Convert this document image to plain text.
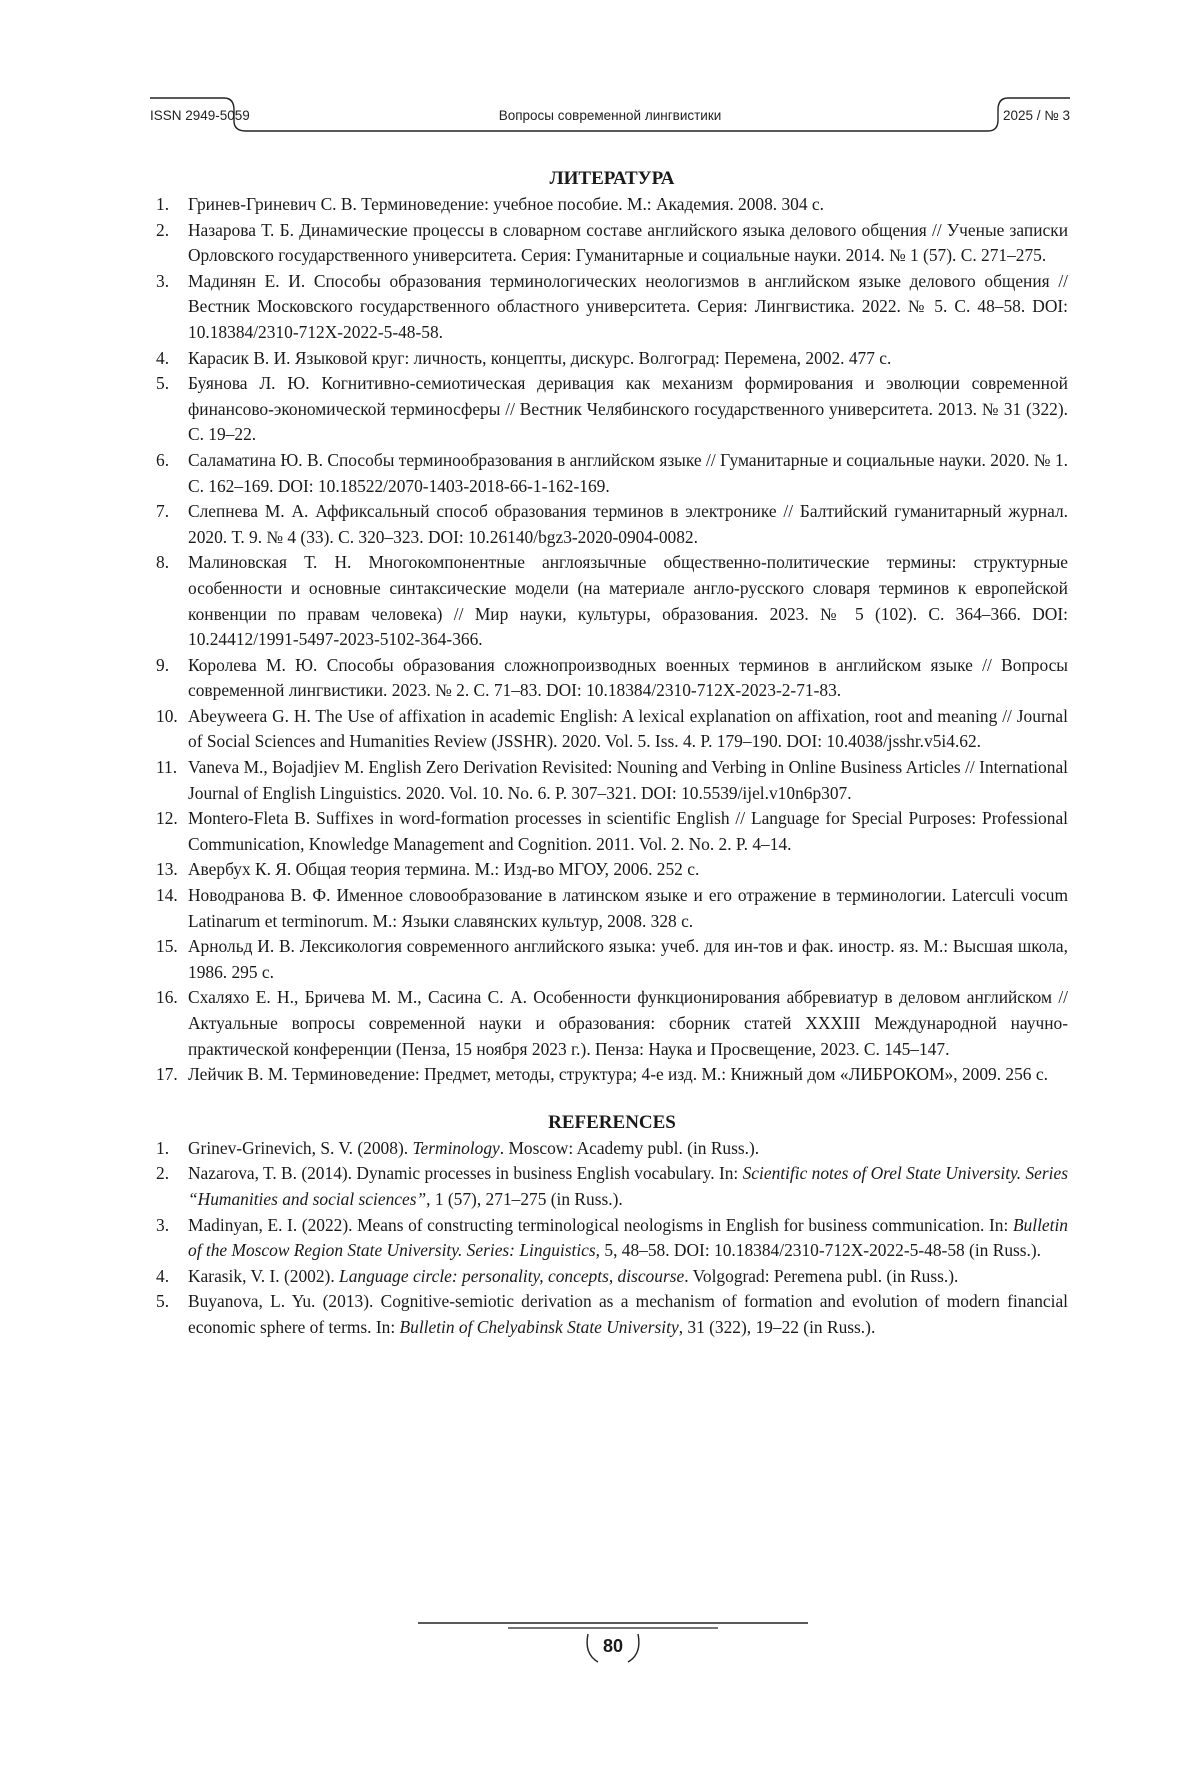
ISSN 2949-5059	Вопросы современной лингвистики	2025 / № 3
ЛИТЕРАТУРА
1. Гринев-Гриневич С. В. Терминоведение: учебное пособие. М.: Академия. 2008. 304 с.
2. Назарова Т. Б. Динамические процессы в словарном составе английского языка делового общения // Ученые записки Орловского государственного университета. Серия: Гуманитарные и социальные науки. 2014. № 1 (57). С. 271–275.
3. Мадинян Е. И. Способы образования терминологических неологизмов в английском языке делового общения // Вестник Московского государственного областного университета. Серия: Лингвистика. 2022. № 5. С. 48–58. DOI: 10.18384/2310-712X-2022-5-48-58.
4. Карасик В. И. Языковой круг: личность, концепты, дискурс. Волгоград: Перемена, 2002. 477 с.
5. Буянова Л. Ю. Когнитивно-семиотическая деривация как механизм формирования и эволюции современной финансово-экономической терминосферы // Вестник Челябинского государственного университета. 2013. № 31 (322). С. 19–22.
6. Саламатина Ю. В. Способы терминообразования в английском языке // Гуманитарные и социальные науки. 2020. № 1. С. 162–169. DOI: 10.18522/2070-1403-2018-66-1-162-169.
7. Слепнева М. А. Аффиксальный способ образования терминов в электронике // Балтийский гуманитарный журнал. 2020. Т. 9. № 4 (33). С. 320–323. DOI: 10.26140/bgz3-2020-0904-0082.
8. Малиновская Т. Н. Многокомпонентные англоязычные общественно-политические термины: структурные особенности и основные синтаксические модели (на материале англо-русского словаря терминов к европейской конвенции по правам человека) // Мир науки, культуры, образования. 2023. № 5 (102). С. 364–366. DOI: 10.24412/1991-5497-2023-5102-364-366.
9. Королева М. Ю. Способы образования сложнопроизводных военных терминов в английском языке // Вопросы современной лингвистики. 2023. № 2. С. 71–83. DOI: 10.18384/2310-712X-2023-2-71-83.
10. Abeyweera G. H. The Use of affixation in academic English: A lexical explanation on affixation, root and meaning // Journal of Social Sciences and Humanities Review (JSSHR). 2020. Vol. 5. Iss. 4. P. 179–190. DOI: 10.4038/jsshr.v5i4.62.
11. Vaneva M., Bojadjiev M. English Zero Derivation Revisited: Nouning and Verbing in Online Business Articles // International Journal of English Linguistics. 2020. Vol. 10. No. 6. P. 307–321. DOI: 10.5539/ijel.v10n6p307.
12. Montero-Fleta B. Suffixes in word-formation processes in scientific English // Language for Special Purposes: Professional Communication, Knowledge Management and Cognition. 2011. Vol. 2. No. 2. P. 4–14.
13. Авербух К. Я. Общая теория термина. М.: Изд-во МГОУ, 2006. 252 с.
14. Новодранова В. Ф. Именное словообразование в латинском языке и его отражение в терминологии. Laterculi vocum Latinarum et terminorum. М.: Языки славянских культур, 2008. 328 с.
15. Арнольд И. В. Лексикология современного английского языка: учеб. для ин-тов и фак. иностр. яз. М.: Высшая школа, 1986. 295 с.
16. Схаляхо Е. Н., Бричева М. М., Сасина С. А. Особенности функционирования аббревиатур в деловом английском // Актуальные вопросы современной науки и образования: сборник статей XXXIII Международной научно-практической конференции (Пенза, 15 ноября 2023 г.). Пенза: Наука и Просвещение, 2023. С. 145–147.
17. Лейчик В. М. Терминоведение: Предмет, методы, структура; 4-е изд. М.: Книжный дом «ЛИБРОКОМ», 2009. 256 с.
REFERENCES
1. Grinev-Grinevich, S. V. (2008). Terminology. Moscow: Academy publ. (in Russ.).
2. Nazarova, T. B. (2014). Dynamic processes in business English vocabulary. In: Scientific notes of Orel State University. Series “Humanities and social sciences”, 1 (57), 271–275 (in Russ.).
3. Madinyan, E. I. (2022). Means of constructing terminological neologisms in English for business communication. In: Bulletin of the Moscow Region State University. Series: Linguistics, 5, 48–58. DOI: 10.18384/2310-712X-2022-5-48-58 (in Russ.).
4. Karasik, V. I. (2002). Language circle: personality, concepts, discourse. Volgograd: Peremena publ. (in Russ.).
5. Buyanova, L. Yu. (2013). Cognitive-semiotic derivation as a mechanism of formation and evolution of modern financial economic sphere of terms. In: Bulletin of Chelyabinsk State University, 31 (322), 19–22 (in Russ.).
80
